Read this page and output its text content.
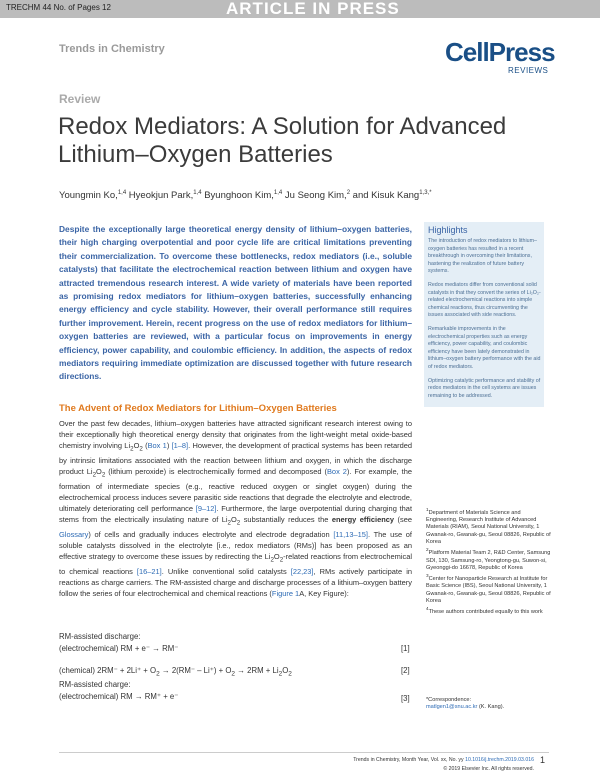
TRECHM 44 No. of Pages 12	ARTICLE IN PRESS
Trends in Chemistry	CellPress
REVIEWS
Review
Redox Mediators: A Solution for Advanced Lithium–Oxygen Batteries
Youngmin Ko,$^{1,4}$ Hyeokjun Park,$^{1,4}$ Byunghoon Kim,$^{1,4}$ Ju Seong Kim,$^2$ and Kisuk Kang$^{1,3,*}$

Despite the exceptionally large theoretical energy density of lithium–oxygen batteries, their high charging overpotential and poor cycle life are critical limitations preventing their commercialization. To overcome these bottlenecks, redox mediators (i.e., soluble catalysts) that facilitate the electrochemical reaction between lithium and oxygen have attracted tremendous research interest. A wide variety of materials have been reported as promising redox mediators for lithium–oxygen batteries, successfully enhancing energy efficiency and cycle stability. However, their overall performance still requires further improvement. Herein, recent progress on the use of redox mediators for lithium–oxygen batteries are reviewed, with a particular focus on improvements in energy efficiency, power capability, and coulombic efficiency. In addition, the aspects of redox mediators requiring immediate optimization are discussed together with future research directions.

The Advent of Redox Mediators for Lithium–Oxygen Batteries

Over the past few decades, lithium–oxygen batteries have attracted significant research interest owing to their exceptionally high theoretical energy density that originates from the light-weight metal oxide-based chemistry involving $Li_2O_2$ (Box 1) [1–8]. However, the development of practical systems has been retarded by intrinsic limitations associated with the reaction between lithium and oxygen, in which the discharge product $Li_2O_2$ (lithium peroxide) is electrochemically formed and decomposed (Box 2). For example, the formation of intermediate species (e.g., reactive reduced oxygen or singlet oxygen) during the electrochemical process induces severe parasitic side reactions that degrade the electrolyte and electrode, ultimately deteriorating cell performance [9–12]. Furthermore, the large overpotential during charging that stems from the electrically insulating nature of $Li_2O_2$ substantially reduces the energy efficiency (see Glossary) of cells and gradually induces electrolyte and electrode degradation [11,13–15]. The use of soluble catalysts dissolved in the electrolyte [i.e., redox mediators (RMs)] has been proposed as an effective strategy to overcome these issues by redirecting the $Li_2O_2$-related reactions from electrochemical to chemical reactions [16–21]. Unlike conventional solid catalysts [22,23], RMs actively participate in reactions as charge carriers. The RM-assisted charge and discharge processes of a lithium–oxygen battery follow the series of four electrochemical and chemical reactions (Figure 1A, Key Figure):

RM-assisted discharge:
(electrochemical) RM + e⁻ → RM⁻	[1]
(chemical) $2RM^- + 2Li^+ + O_2 \to 2(RM^- - Li^+) + O_2 \to 2RM + Li_2O_2$	[2]
RM-assisted charge:
(electrochemical) RM → RM⁺ + e⁻	[3]
Highlights
The introduction of redox mediators to lithium–oxygen batteries has resulted in a recent breakthrough in overcoming their limitations, hastening the realization of future battery systems.
Redox mediators differ from conventional solid catalysts in that they convert the series of Li₂O₂-related electrochemical reactions into simple chemical reactions, thus circumventing the issues associated with side reactions.
Remarkable improvements in the electrochemical properties such as energy efficiency, power capability, and coulombic efficiency have been lately demonstrated in lithium–oxygen battery performance with the aid of redox mediators.
Optimizing catalytic performance and stability of redox mediators in the cell systems are issues remaining to be addressed.

$^1$Department of Materials Science and Engineering, Research Institute of Advanced Materials (RIAM), Seoul National University, 1 Gwanak-ro, Gwanak-gu, Seoul 08826, Republic of Korea

$^2$Platform Material Team 2, R&D Center, Samsung SDI, 130, Samsung-ro, Yeongtong-gu, Suwon-si, Gyeonggi-do 16678, Republic of Korea

$^3$Center for Nanoparticle Research at Institute for Basic Science (IBS), Seoul National University, 1 Gwanak-ro, Gwanak-gu, Seoul 08826, Republic of Korea

$^4$These authors contributed equally to this work

*Correspondence:
matlgen1@snu.ac.kr (K. Kang).
Trends in Chemistry, Month Year, Vol. xx, No. yy 10.1016/j.trechm.2019.03.016 1
© 2019 Elsevier Inc. All rights reserved.
